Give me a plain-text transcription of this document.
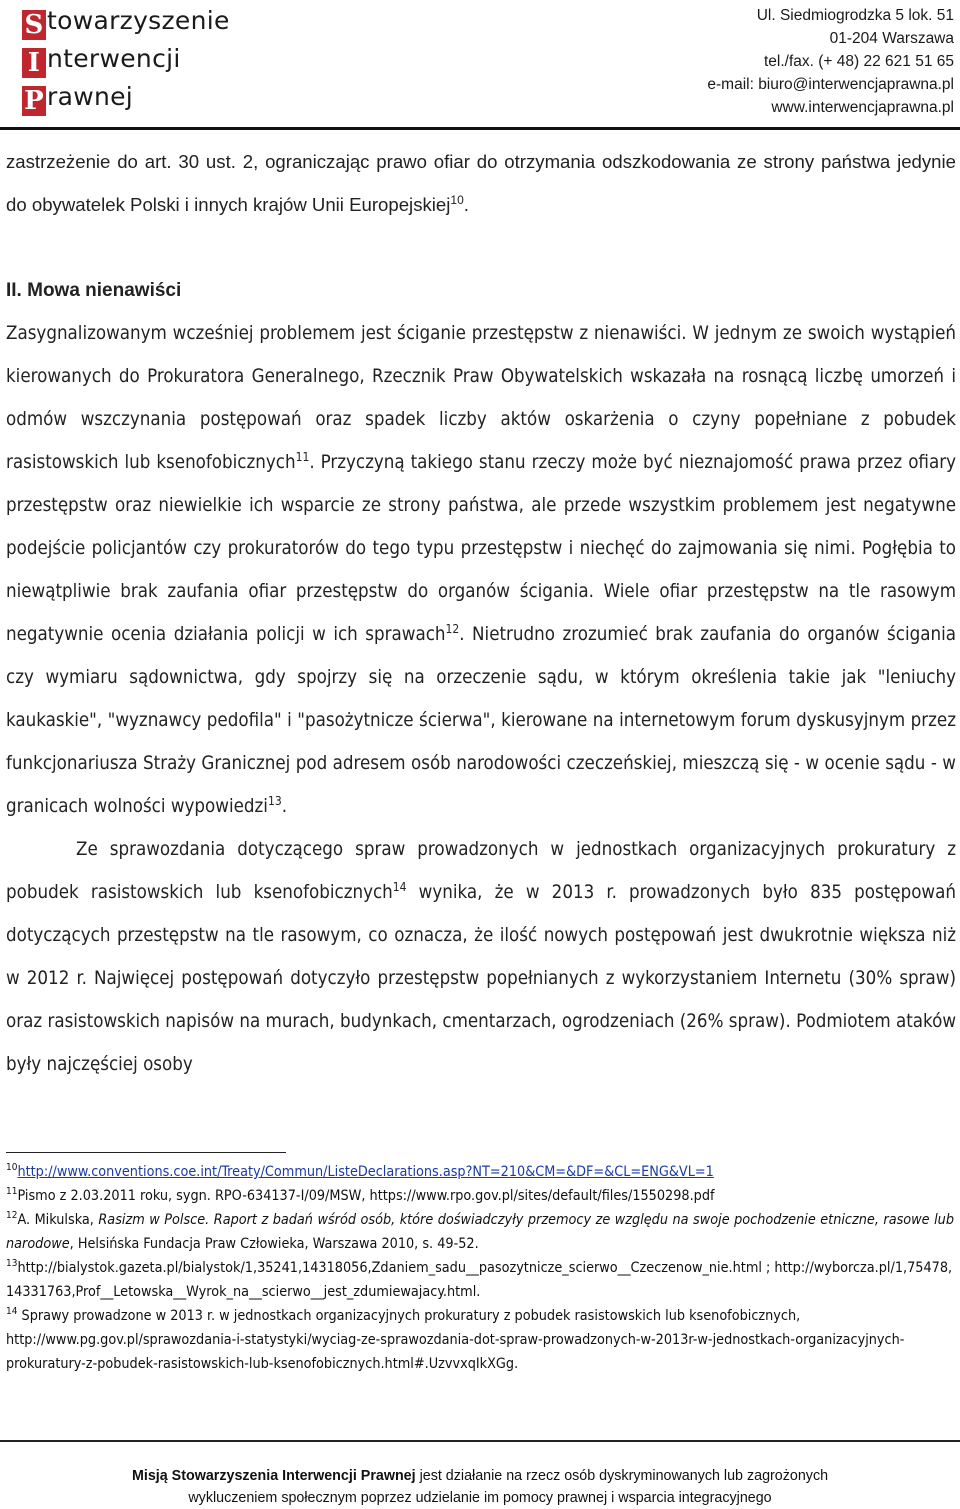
S towarzyszenie
I nterwencji
P rawnej
Ul. Siedmiogrodzka 5 lok. 51
01-204 Warszawa
tel./fax. (+ 48) 22 621 51 65
e-mail: biuro@interwencjaprawna.pl
www.interwencjaprawna.pl

zastrzeżenie do art. 30 ust. 2, ograniczając prawo ofiar do otrzymania odszkodowania ze strony państwa jedynie do obywatelek Polski i innych krajów Unii Europejskiej$^{10}$.

II. Mowa nienawiści

Zasygnalizowanym wcześniej problemem jest ściganie przestępstw z nienawiści. W jednym ze swoich wystąpień kierowanych do Prokuratora Generalnego, Rzecznik Praw Obywatelskich wskazała na rosnącą liczbę umorzeń i odmów wszczynania postępowań oraz spadek liczby aktów oskarżenia o czyny popełniane z pobudek rasistowskich lub ksenofobicznych$^{11}$. Przyczyną takiego stanu rzeczy może być nieznajomość prawa przez ofiary przestępstw oraz niewielkie ich wsparcie ze strony państwa, ale przede wszystkim problemem jest negatywne podejście policjantów czy prokuratorów do tego typu przestępstw i niechęć do zajmowania się nimi. Pogłębia to niewątpliwie brak zaufania ofiar przestępstw do organów ścigania. Wiele ofiar przestępstw na tle rasowym negatywnie ocenia działania policji w ich sprawach$^{12}$. Nietrudno zrozumieć brak zaufania do organów ścigania czy wymiaru sądownictwa, gdy spojrzy się na orzeczenie sądu, w którym określenia takie jak "leniuchy kaukaskie", "wyznawcy pedofila" i "pasożytnicze ścierwa", kierowane na internetowym forum dyskusyjnym przez funkcjonariusza Straży Granicznej pod adresem osób narodowości czeczeńskiej, mieszczą się - w ocenie sądu - w granicach wolności wypowiedzi$^{13}$.

Ze sprawozdania dotyczącego spraw prowadzonych w jednostkach organizacyjnych prokuratury z pobudek rasistowskich lub ksenofobicznych$^{14}$ wynika, że w 2013 r. prowadzonych było 835 postępowań dotyczących przestępstw na tle rasowym, co oznacza, że ilość nowych postępowań jest dwukrotnie większa niż w 2012 r. Najwięcej postępowań dotyczyło przestępstw popełnianych z wykorzystaniem Internetu (30% spraw) oraz rasistowskich napisów na murach, budynkach, cmentarzach, ogrodzeniach (26% spraw). Podmiotem ataków były najczęściej osoby

$^{10}$http://www.conventions.coe.int/Treaty/Commun/ListeDeclarations.asp?NT=210&CM=&DF=&CL=ENG&VL=1

$^{11}$Pismo z 2.03.2011 roku, sygn. RPO-634137-I/09/MSW, https://www.rpo.gov.pl/sites/default/files/1550298.pdf

$^{12}$A. Mikulska, Rasizm w Polsce. Raport z badań wśród osób, które doświadczyły przemocy ze względu na swoje pochodzenie etniczne, rasowe lub narodowe, Helsińska Fundacja Praw Człowieka, Warszawa 2010, s. 49-52.

$^{13}$http://bialystok.gazeta.pl/bialystok/1,35241,14318056,Zdaniem_sadu__pasozytnicze_scierwo__Czeczenow_nie.html ; http://wyborcza.pl/1,75478,14331763,Prof__Letowska__Wyrok_na__scierwo__jest_zdumiewajacy.html.

$^{14}$ Sprawy prowadzone w 2013 r. w jednostkach organizacyjnych prokuratury z pobudek rasistowskich lub ksenofobicznych, http://www.pg.gov.pl/sprawozdania-i-statystyki/wyciag-ze-sprawozdania-dot-spraw-prowadzonych-w-2013r-w-jednostkach-organizacyjnych-prokuratury-z-pobudek-rasistowskich-lub-ksenofobicznych.html#.UzvvxqIkXGg.

Misją Stowarzyszenia Interwencji Prawnej jest działanie na rzecz osób dyskryminowanych lub zagrożonych
wykluczeniem społecznym poprzez udzielanie im pomocy prawnej i wsparcia integracyjnego
